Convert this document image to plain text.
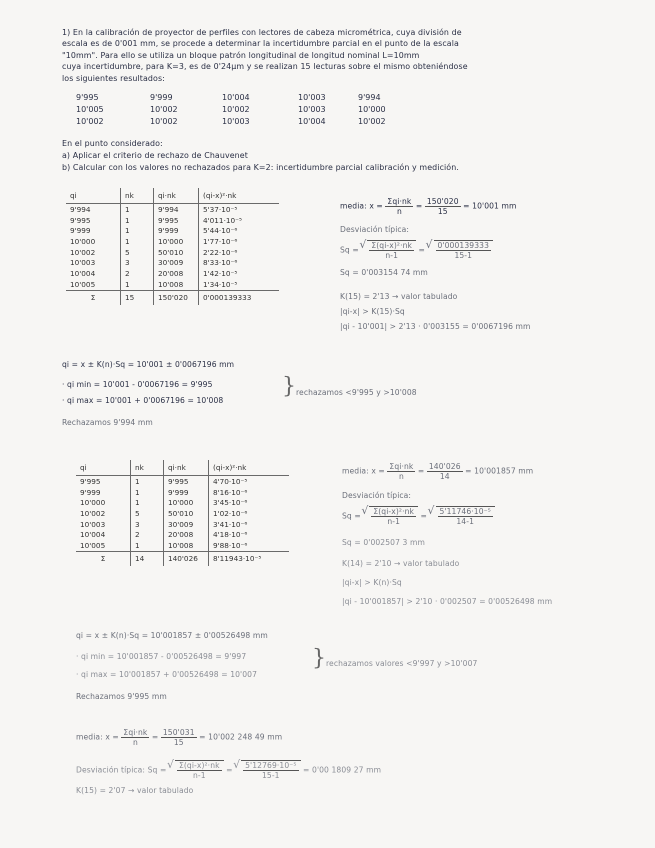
1) En la calibración de proyector de perfiles con lectores de cabeza micrométrica, cuya división de
escala es de 0'001 mm, se procede a determinar la incertidumbre parcial en el punto de la escala
"10mm". Para ello se utiliza un bloque patrón longitudinal de longitud nominal L=10mm
cuya incertidumbre, para K=3, es de 0'24µm y se realizan 15 lecturas sobre el mismo obteniéndose
los siguientes resultados:
9'995	9'999	10'004	10'003	9'994
10'005	10'002	10'002	10'003	10'000
10'002	10'002	10'003	10'004	10'002
En el punto considerado:
a) Aplicar el criterio de rechazo de Chauvenet
b) Calcular con los valores no rechazados para K=2: incertidumbre parcial calibración y medición.
qi	nk	qi·nk	(qi-x)²·nk
9'994	1	9'994	5'37·10⁻⁵
9'995	1	9'995	4'011·10⁻⁵
9'999	1	9'999	5'44·10⁻⁶
10'000	1	10'000	1'77·10⁻⁶
10'002	5	50'010	2'22·10⁻⁶
10'003	3	30'009	8'33·10⁻⁶
10'004	2	20'008	1'42·10⁻⁵
10'005	1	10'008	1'34·10⁻⁵
Σ	15	150'020	0'000139333
media: $x = \frac{\text{Σqi·nk}}{n} = \frac{150'020}{15} = 10'001$ mm
Desviación típica:
Sq = √ $\frac{\text{Σ(qi-x)²·nk}}{n-1}$ = √ $\frac{0'000139333}{15-1}$
Sq = 0'003154 74 mm
K(15) = 2'13 → valor tabulado
|qi-x| > K(15)·Sq
|qi - 10'001| > 2'13 · 0'003155 = 0'0067196 mm
qi = x ± K(n)·Sq = 10'001 ± 0'0067196 mm
· qi min = 10'001 - 0'0067196 = 9'995
· qi max = 10'001 + 0'0067196 = 10'008
} rechazamos <9'995 y >10'008
Rechazamos 9'994 mm
qi	nk	qi·nk	(qi-x)²·nk
9'995	1	9'995	4'70·10⁻⁵
9'999	1	9'999	8'16·10⁻⁶
10'000	1	10'000	3'45·10⁻⁶
10'002	5	50'010	1'02·10⁻⁶
10'003	3	30'009	3'41·10⁻⁶
10'004	2	20'008	4'18·10⁻⁶
10'005	1	10'008	9'88·10⁻⁶
Σ	14	140'026	8'11943·10⁻⁵
media: $x = \frac{\text{Σqi·nk}}{n} = \frac{140'026}{14} = 10'001857$ mm
Desviación típica:
Sq = √ $\frac{\text{Σ(qi-x)²·nk}}{n-1}$ = √ $\frac{\text{5'11746·10⁻⁵}}{14-1}$
Sq = 0'002507 3 mm
K(14) = 2'10 → valor tabulado
|qi-x| > K(n)·Sq
|qi - 10'001857| > 2'10 · 0'002507 = 0'00526498 mm
qi = x ± K(n)·Sq = 10'001857 ± 0'00526498 mm
· qi min = 10'001857 - 0'00526498 = 9'997
· qi max = 10'001857 + 0'00526498 = 10'007
} rechazamos valores <9'997 y >10'007
Rechazamos 9'995 mm
media: $x = \frac{\text{Σqi·nk}}{n} = \frac{150'031}{15} = 10'002$ 248 49 mm
Desviación típica: Sq = √ $\frac{\text{Σ(qi-x)²·nk}}{n-1}$ = √ $\frac{\text{5'12769·10⁻⁵}}{15-1} = 0'00$ 1809 27 mm
K(15) = 2'07 → valor tabulado
